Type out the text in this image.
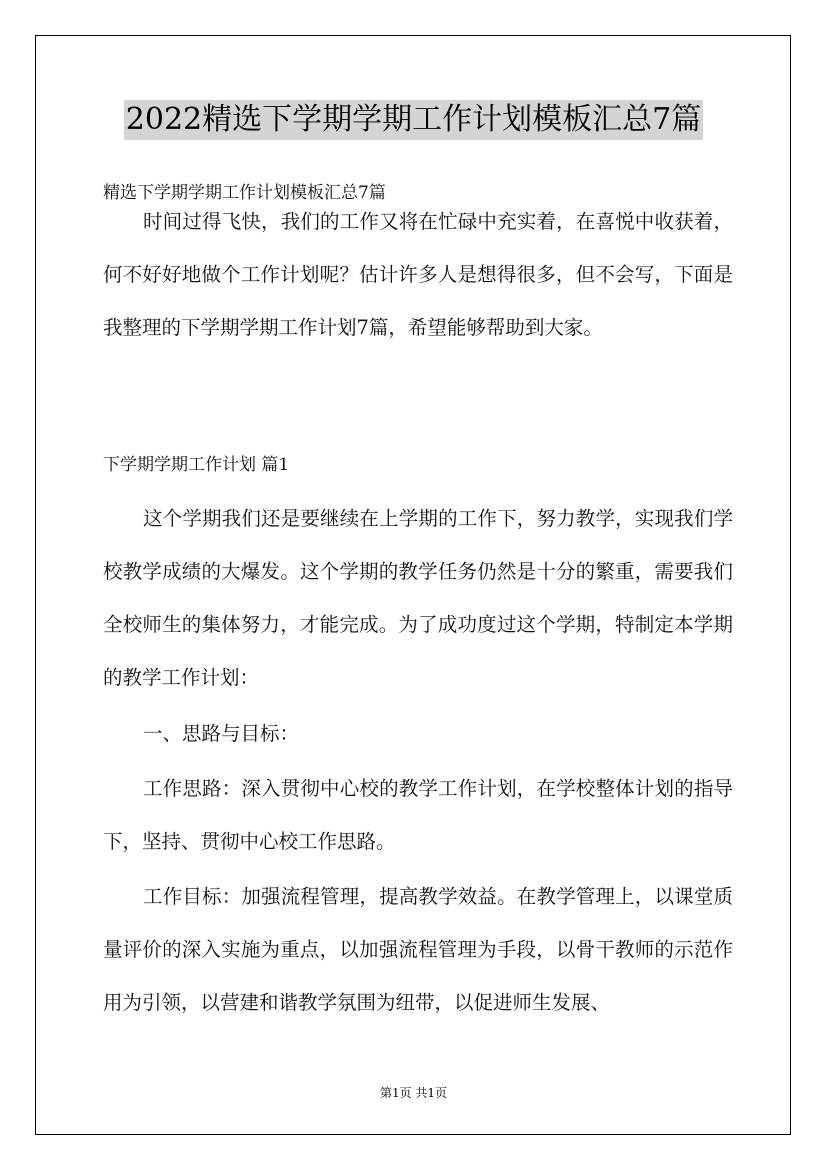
2022精选下学期学期工作计划模板汇总7篇

精选下学期学期工作计划模板汇总7篇

时间过得飞快，我们的工作又将在忙碌中充实着，在喜悦中收获着，何不好好地做个工作计划呢？估计许多人是想得很多，但不会写，下面是我整理的下学期学期工作计划7篇，希望能够帮助到大家。

下学期学期工作计划 篇1

这个学期我们还是要继续在上学期的工作下，努力教学，实现我们学校教学成绩的大爆发。这个学期的教学任务仍然是十分的繁重，需要我们全校师生的集体努力，才能完成。为了成功度过这个学期，特制定本学期的教学工作计划：

一、思路与目标：

工作思路：深入贯彻中心校的教学工作计划，在学校整体计划的指导下，坚持、贯彻中心校工作思路。

工作目标：加强流程管理，提高教学效益。在教学管理上，以课堂质量评价的深入实施为重点，以加强流程管理为手段，以骨干教师的示范作用为引领，以营建和谐教学氛围为纽带，以促进师生发展、

第1页 共1页
